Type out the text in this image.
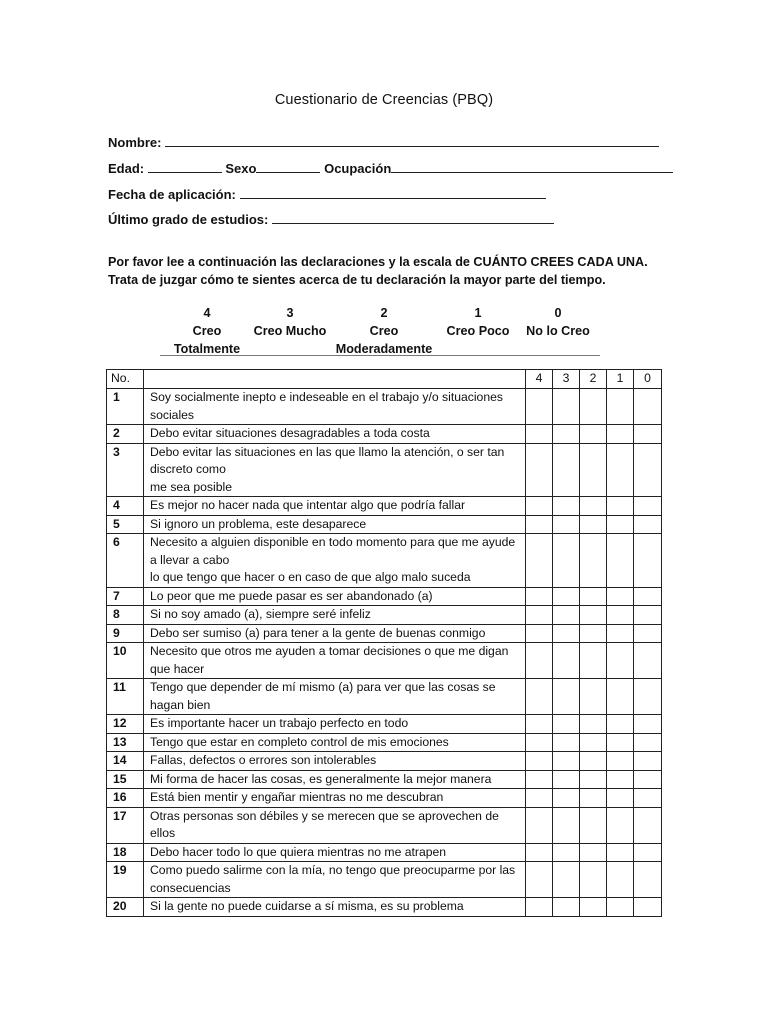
Cuestionario de Creencias (PBQ)
Nombre:
Edad:	Sexo	Ocupación
Fecha de aplicación:
Último grado de estudios:
Por favor lee a continuación las declaraciones y la escala de CUÁNTO CREES CADA UNA.
Trata de juzgar cómo te sientes acerca de tu declaración la mayor parte del tiempo.
4
Creo
Totalmente
3
Creo Mucho
2
Creo
Moderadamente
1
Creo Poco
0
No lo Creo
No.		4	3	2	1	0
1	Soy socialmente inepto e indeseable en el trabajo y/o situaciones sociales					
2	Debo evitar situaciones desagradables a toda costa					
3	Debo evitar las situaciones en las que llamo la atención, o ser tan discreto como
me sea posible					

4	Es mejor no hacer nada que intentar algo que podría fallar					
5	Si ignoro un problema, este desaparece					
6	Necesito a alguien disponible en todo momento para que me ayude a llevar a cabo
lo que tengo que hacer o en caso de que algo malo suceda					

7	Lo peor que me puede pasar es ser abandonado (a)					
8	Si no soy amado (a), siempre seré infeliz					
9	Debo ser sumiso (a) para tener a la gente de buenas conmigo					
10	Necesito que otros me ayuden a tomar decisiones o que me digan que hacer					
11	Tengo que depender de mí mismo (a) para ver que las cosas se hagan bien					
12	Es importante hacer un trabajo perfecto en todo					
13	Tengo que estar en completo control de mis emociones					
14	Fallas, defectos o errores son intolerables					
15	Mi forma de hacer las cosas, es generalmente la mejor manera					
16	Está bien mentir y engañar mientras no me descubran					
17	Otras personas son débiles y se merecen que se aprovechen de ellos					
18	Debo hacer todo lo que quiera mientras no me atrapen					
19	Como puedo salirme con la mía, no tengo que preocuparme por las consecuencias					
20	Si la gente no puede cuidarse a sí misma, es su problema					
